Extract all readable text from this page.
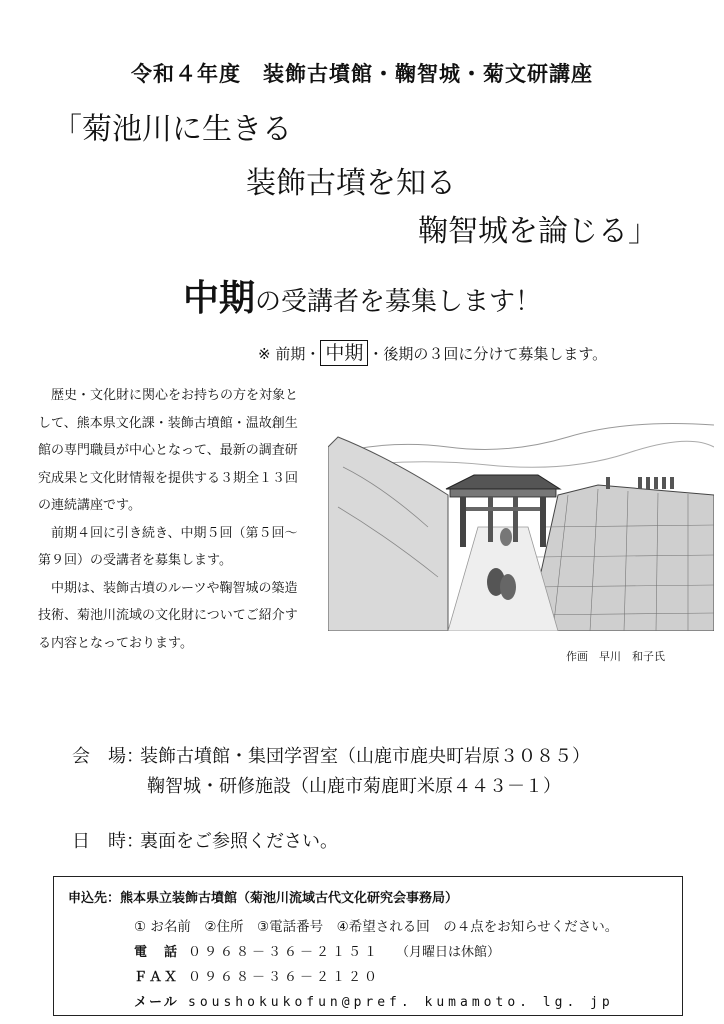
令和４年度　装飾古墳館・鞠智城・菊文研講座
「菊池川に生きる
装飾古墳を知る
鞠智城を論じる」
中期の受講者を募集します！
※ 前期・ 中期 ・後期の３回に分けて募集します。

歴史・文化財に関心をお持ちの方を対象として、熊本県文化課・装飾古墳館・温故創生館の専門職員が中心となって、最新の調査研究成果と文化財情報を提供する３期全１３回の連続講座です。

前期４回に引き続き、中期５回（第５回～第９回）の受講者を募集します。

中期は、装飾古墳のルーツや鞠智城の築造技術、菊池川流域の文化財についてご紹介する内容となっております。

作画　早川　和子氏
会　場：装飾古墳館・集団学習室（山鹿市鹿央町岩原３０８５）
鞠智城・研修施設（山鹿市菊鹿町米原４４３－１）
日　時：裏面をご参照ください。
申込先：熊本県立装飾古墳館（菊池川流域古代文化研究会事務局）
① お名前　②住所　③電話番号　④希望される回　の４点をお知らせください。
電　話 ０９６８－３６－２１５１ （月曜日は休館）
ＦＡＸ ０９６８－３６－２１２０
メール soushokukofun@pref. kumamoto. lg. jp
